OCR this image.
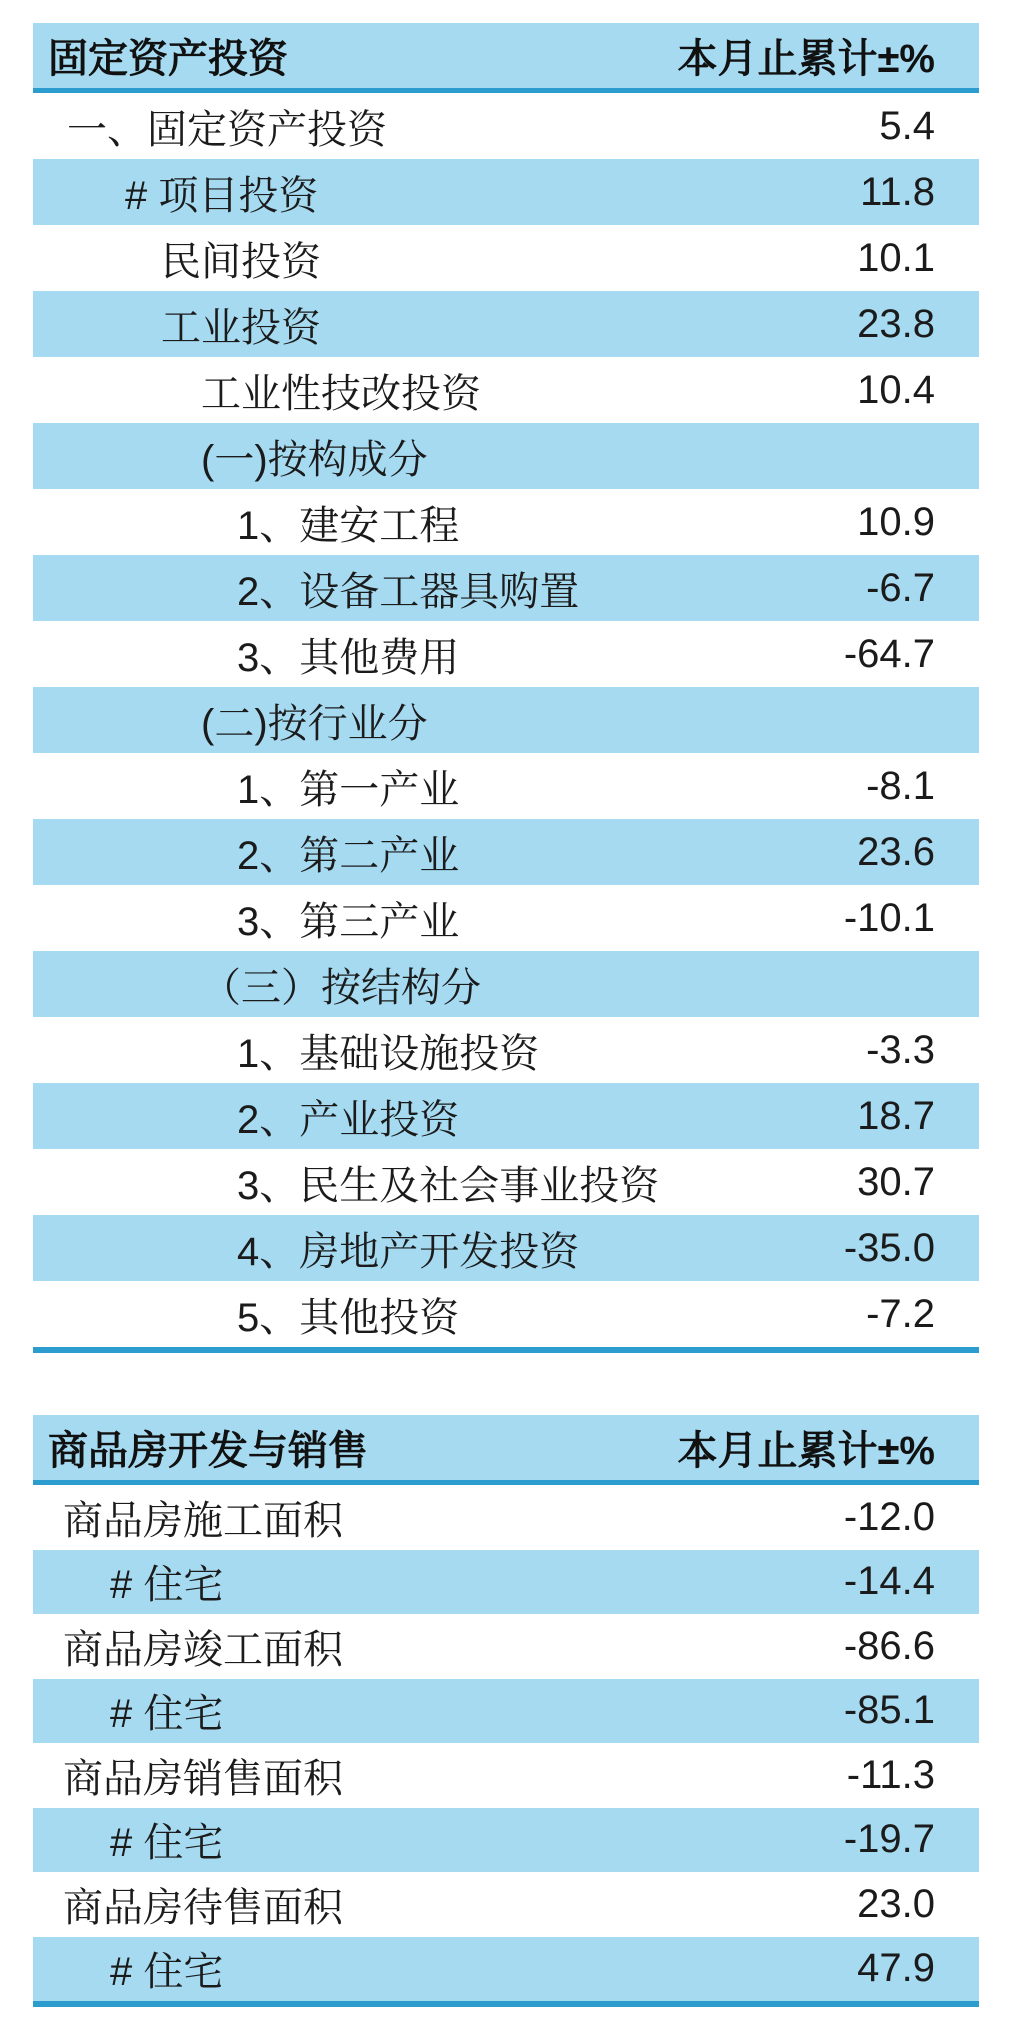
固定资产投资	本月止累计±%
一、固定资产投资	5.4
# 项目投资	11.8
民间投资	10.1
工业投资	23.8
工业性技改投资	10.4
(一)按构成分
1、建安工程	10.9
2、设备工器具购置	-6.7
3、其他费用	-64.7
(二)按行业分
1、第一产业	-8.1
2、第二产业	23.6
3、第三产业	-10.1
（三）按结构分
1、基础设施投资	-3.3
2、产业投资	18.7
3、民生及社会事业投资	30.7
4、房地产开发投资	-35.0
5、其他投资	-7.2
商品房开发与销售	本月止累计±%
商品房施工面积	-12.0
# 住宅	-14.4
商品房竣工面积	-86.6
# 住宅	-85.1
商品房销售面积	-11.3
# 住宅	-19.7
商品房待售面积	23.0
# 住宅	47.9
